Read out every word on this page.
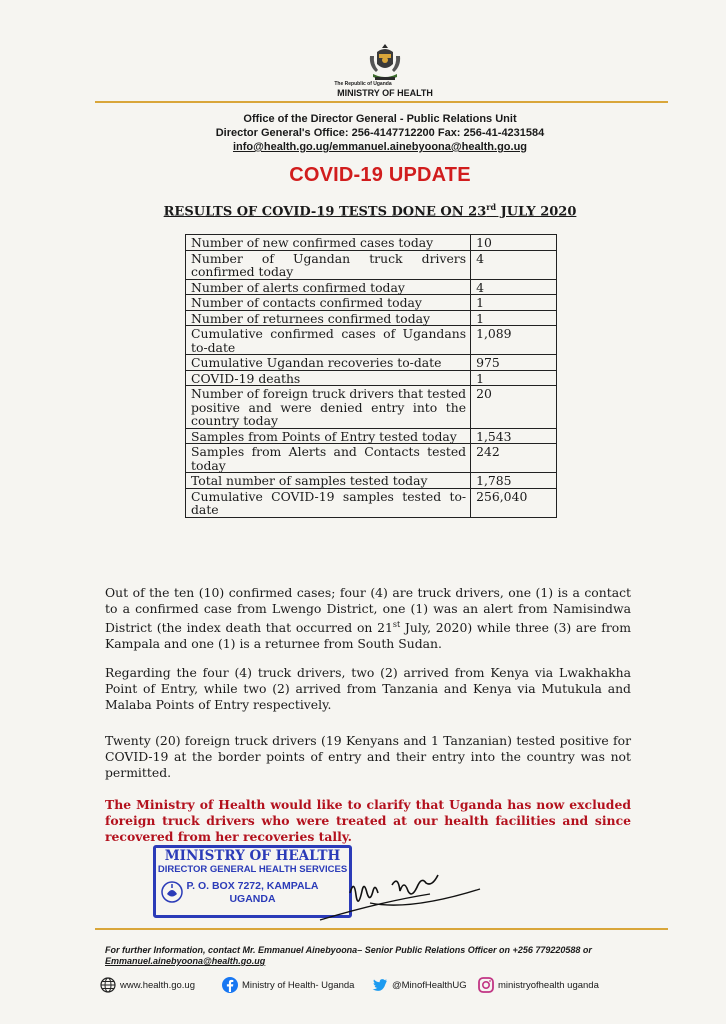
The Republic of Uganda
MINISTRY OF HEALTH
Office of the Director General - Public Relations Unit
Director General's Office: 256-4147712200 Fax: 256-41-4231584
info@health.go.ug/emmanuel.ainebyoona@health.go.ug
COVID-19 UPDATE
RESULTS OF COVID-19 TESTS DONE ON 23rd JULY 2020
Number of new confirmed cases today	10
Number of Ugandan truck drivers confirmed today	4
Number of alerts confirmed today	4
Number of contacts confirmed today	1
Number of returnees confirmed today	1
Cumulative confirmed cases of Ugandans to-date	1,089
Cumulative Ugandan recoveries to-date	975
COVID-19 deaths	1
Number of foreign truck drivers that tested positive and were denied entry into the country today	20
Samples from Points of Entry tested today	1,543
Samples from Alerts and Contacts tested today	242
Total number of samples tested today	1,785
Cumulative COVID-19 samples tested to-date	256,040
Out of the ten (10) confirmed cases; four (4) are truck drivers, one (1) is a contact to a confirmed case from Lwengo District, one (1) was an alert from Namisindwa District (the index death that occurred on 21st July, 2020) while three (3) are from Kampala and one (1) is a returnee from South Sudan.
Regarding the four (4) truck drivers, two (2) arrived from Kenya via Lwakhakha Point of Entry, while two (2) arrived from Tanzania and Kenya via Mutukula and Malaba Points of Entry respectively.
Twenty (20) foreign truck drivers (19 Kenyans and 1 Tanzanian) tested positive for COVID-19 at the border points of entry and their entry into the country was not permitted.
The Ministry of Health would like to clarify that Uganda has now excluded foreign truck drivers who were treated at our health facilities and since recovered from her recoveries tally.
MINISTRY OF HEALTH
DIRECTOR GENERAL HEALTH SERVICES
P. O. BOX 7272, KAMPALA
UGANDA
For further Information, contact Mr. Emmanuel Ainebyoona– Senior Public Relations Officer on +256 779220588 or
Emmanuel.ainebyoona@health.go.ug
www.health.go.ug	Ministry of Health- Uganda	@MinofHealthUG	ministryofhealth uganda
